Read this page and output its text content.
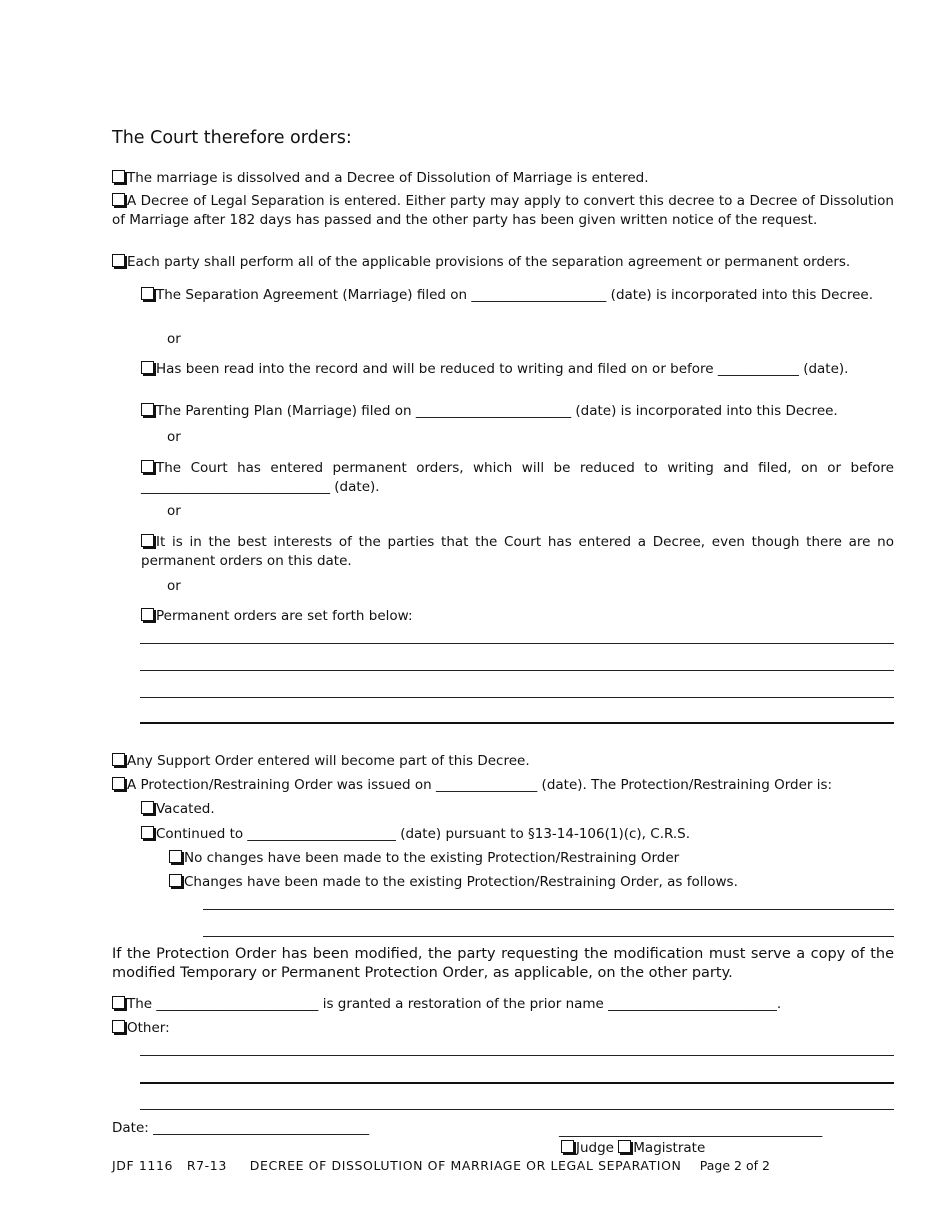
The Court therefore orders:
The marriage is dissolved and a Decree of Dissolution of Marriage is entered.
A Decree of Legal Separation is entered. Either party may apply to convert this decree to a Decree of Dissolution of Marriage after 182 days has passed and the other party has been given written notice of the request.
Each party shall perform all of the applicable provisions of the separation agreement or permanent orders.
The Separation Agreement (Marriage) filed on ____________________ (date) is incorporated into this Decree.
or
Has been read into the record and will be reduced to writing and filed on or before ____________ (date).
The Parenting Plan (Marriage) filed on _______________________ (date) is incorporated into this Decree.
or
The Court has entered permanent orders, which will be reduced to writing and filed, on or before ____________________________ (date).
or
It is in the best interests of the parties that the Court has entered a Decree, even though there are no permanent orders on this date.
or
Permanent orders are set forth below:
Any Support Order entered will become part of this Decree.
A Protection/Restraining Order was issued on _______________ (date). The Protection/Restraining Order is:
Vacated.
Continued to ______________________ (date) pursuant to §13-14-106(1)(c), C.R.S.
No changes have been made to the existing Protection/Restraining Order
Changes have been made to the existing Protection/Restraining Order, as follows.
If the Protection Order has been modified, the party requesting the modification must serve a copy of the modified Temporary or Permanent Protection Order, as applicable, on the other party.
The ________________________ is granted a restoration of the prior name _________________________.
Other:
Date: ________________________________	_______________________________________
Judge Magistrate
JDF 1116 R7-13 DECREE OF DISSOLUTION OF MARRIAGE OR LEGAL SEPARATION Page 2 of 2
